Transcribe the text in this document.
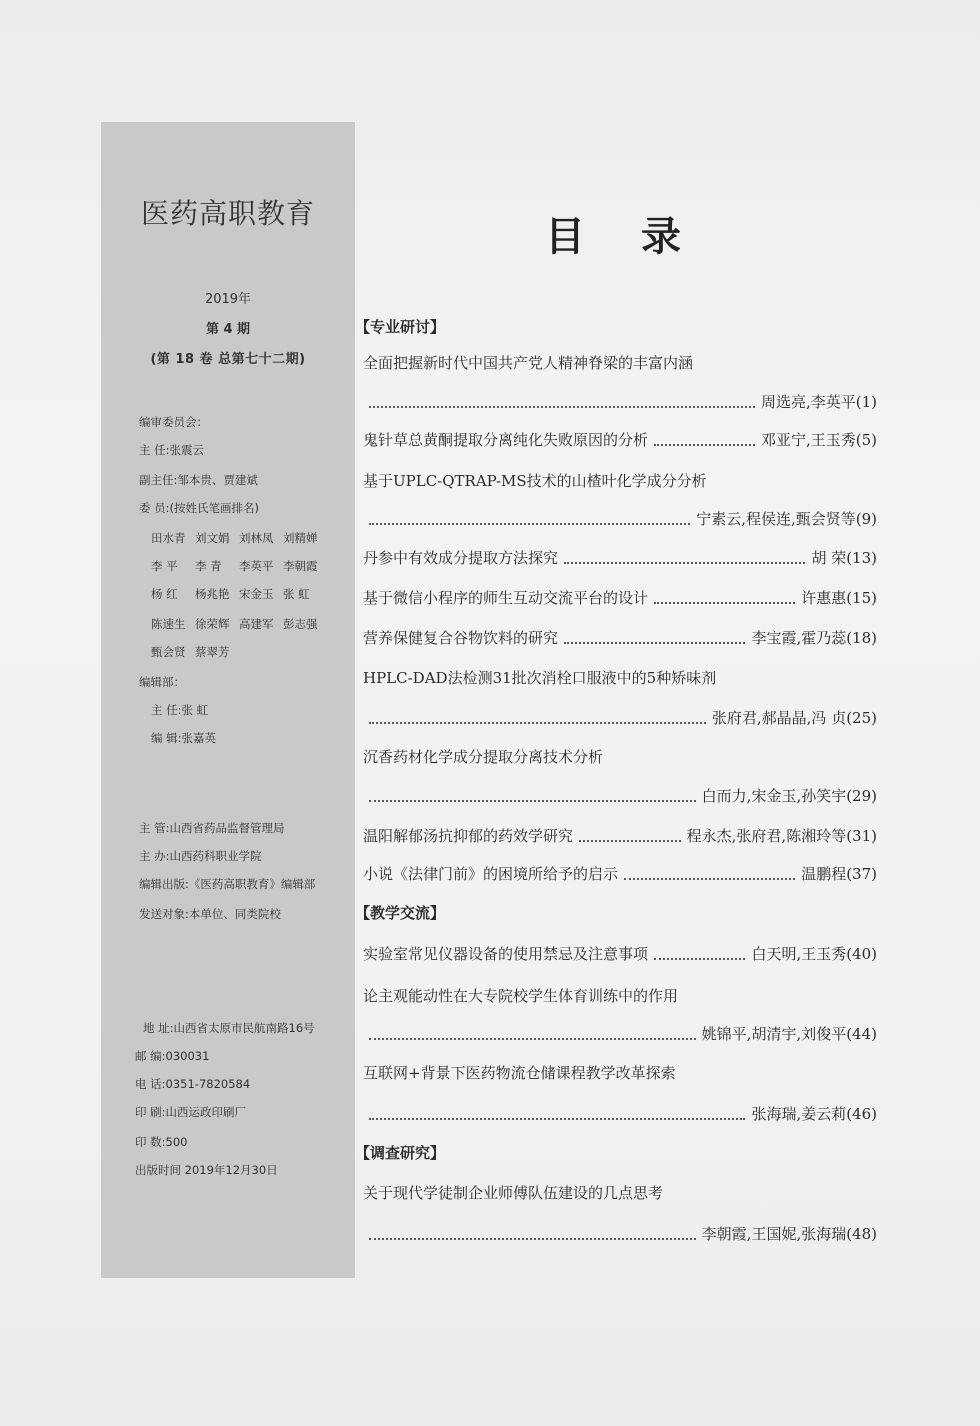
医药高职教育
2019年
第 4 期
(第 18 卷 总第七十二期)
编审委员会：
主 任:张震云
副主任:邹本贵、贾建斌
委 员:(按姓氏笔画排名)
田水青 刘文娟 刘林凤 刘精婵
李 平 李 青 李英平 李朝霞
杨 红 杨兆艳 宋金玉 张 虹
陈速生 徐荣辉 高建军 彭志强
甄会贤 蔡翠芳
编辑部：
主 任:张 虹
编 辑:张嘉英
主 管:山西省药品监督管理局
主 办:山西药科职业学院
编辑出版:《医药高职教育》编辑部
发送对象:本单位、同类院校
地 址:山西省太原市民航南路16号
邮 编:030031
电 话:0351-7820584
印 刷:山西运政印刷厂
印 数:500
出版时间 2019年12月30日
目录
【专业研讨】
全面把握新时代中国共产党人精神脊梁的丰富内涵
周选亮,李英平(1)
鬼针草总黄酮提取分离纯化失败原因的分析	邓亚宁,王玉秀(5)
基于UPLC-QTRAP-MS技术的山楂叶化学成分分析
宁素云,程侯连,甄会贤等(9)
丹参中有效成分提取方法探究	胡 荣(13)
基于微信小程序的师生互动交流平台的设计	许惠惠(15)
营养保健复合谷物饮料的研究	李宝霞,霍乃蕊(18)
HPLC-DAD法检测31批次消栓口服液中的5种矫味剂
张府君,郝晶晶,冯 贞(25)
沉香药材化学成分提取分离技术分析
白而力,宋金玉,孙笑宇(29)
温阳解郁汤抗抑郁的药效学研究	程永杰,张府君,陈湘玲等(31)
小说《法律门前》的困境所给予的启示	温鹏程(37)
【教学交流】
实验室常见仪器设备的使用禁忌及注意事项	白天明,王玉秀(40)
论主观能动性在大专院校学生体育训练中的作用
姚锦平,胡清宇,刘俊平(44)
互联网+背景下医药物流仓储课程教学改革探索
张海瑞,姜云莉(46)
【调查研究】
关于现代学徒制企业师傅队伍建设的几点思考
李朝霞,王国妮,张海瑞(48)
